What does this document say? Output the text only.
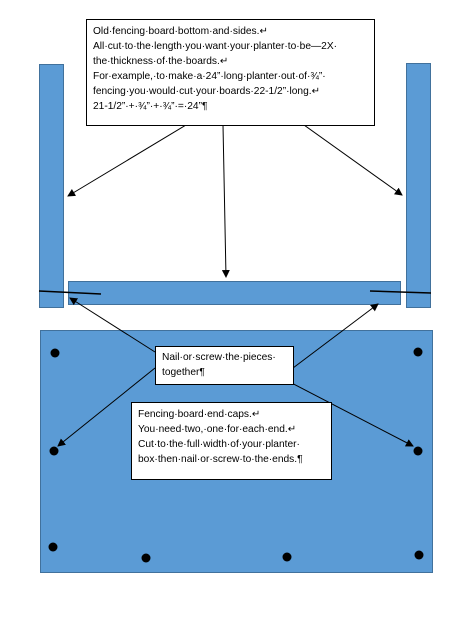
Old·fencing·board·bottom·and·sides.↵
All·cut·to·the·length·you·want·your·planter·to·be—2X·
the·thickness·of·the·boards.↵
For·example,·to·make·a·24”·long·planter·out·of·¾”·
fencing·you·would·cut·your·boards·22-1/2”·long.↵
21-1/2”·+·¾”·+·¾”·=·24”¶
Nail·or·screw·the·pieces·
together¶
Fencing·board·end·caps.↵
You·need·two,·one·for·each·end.↵
Cut·to·the·full·width·of·your·planter·
box·then·nail·or·screw·to·the·ends.¶
